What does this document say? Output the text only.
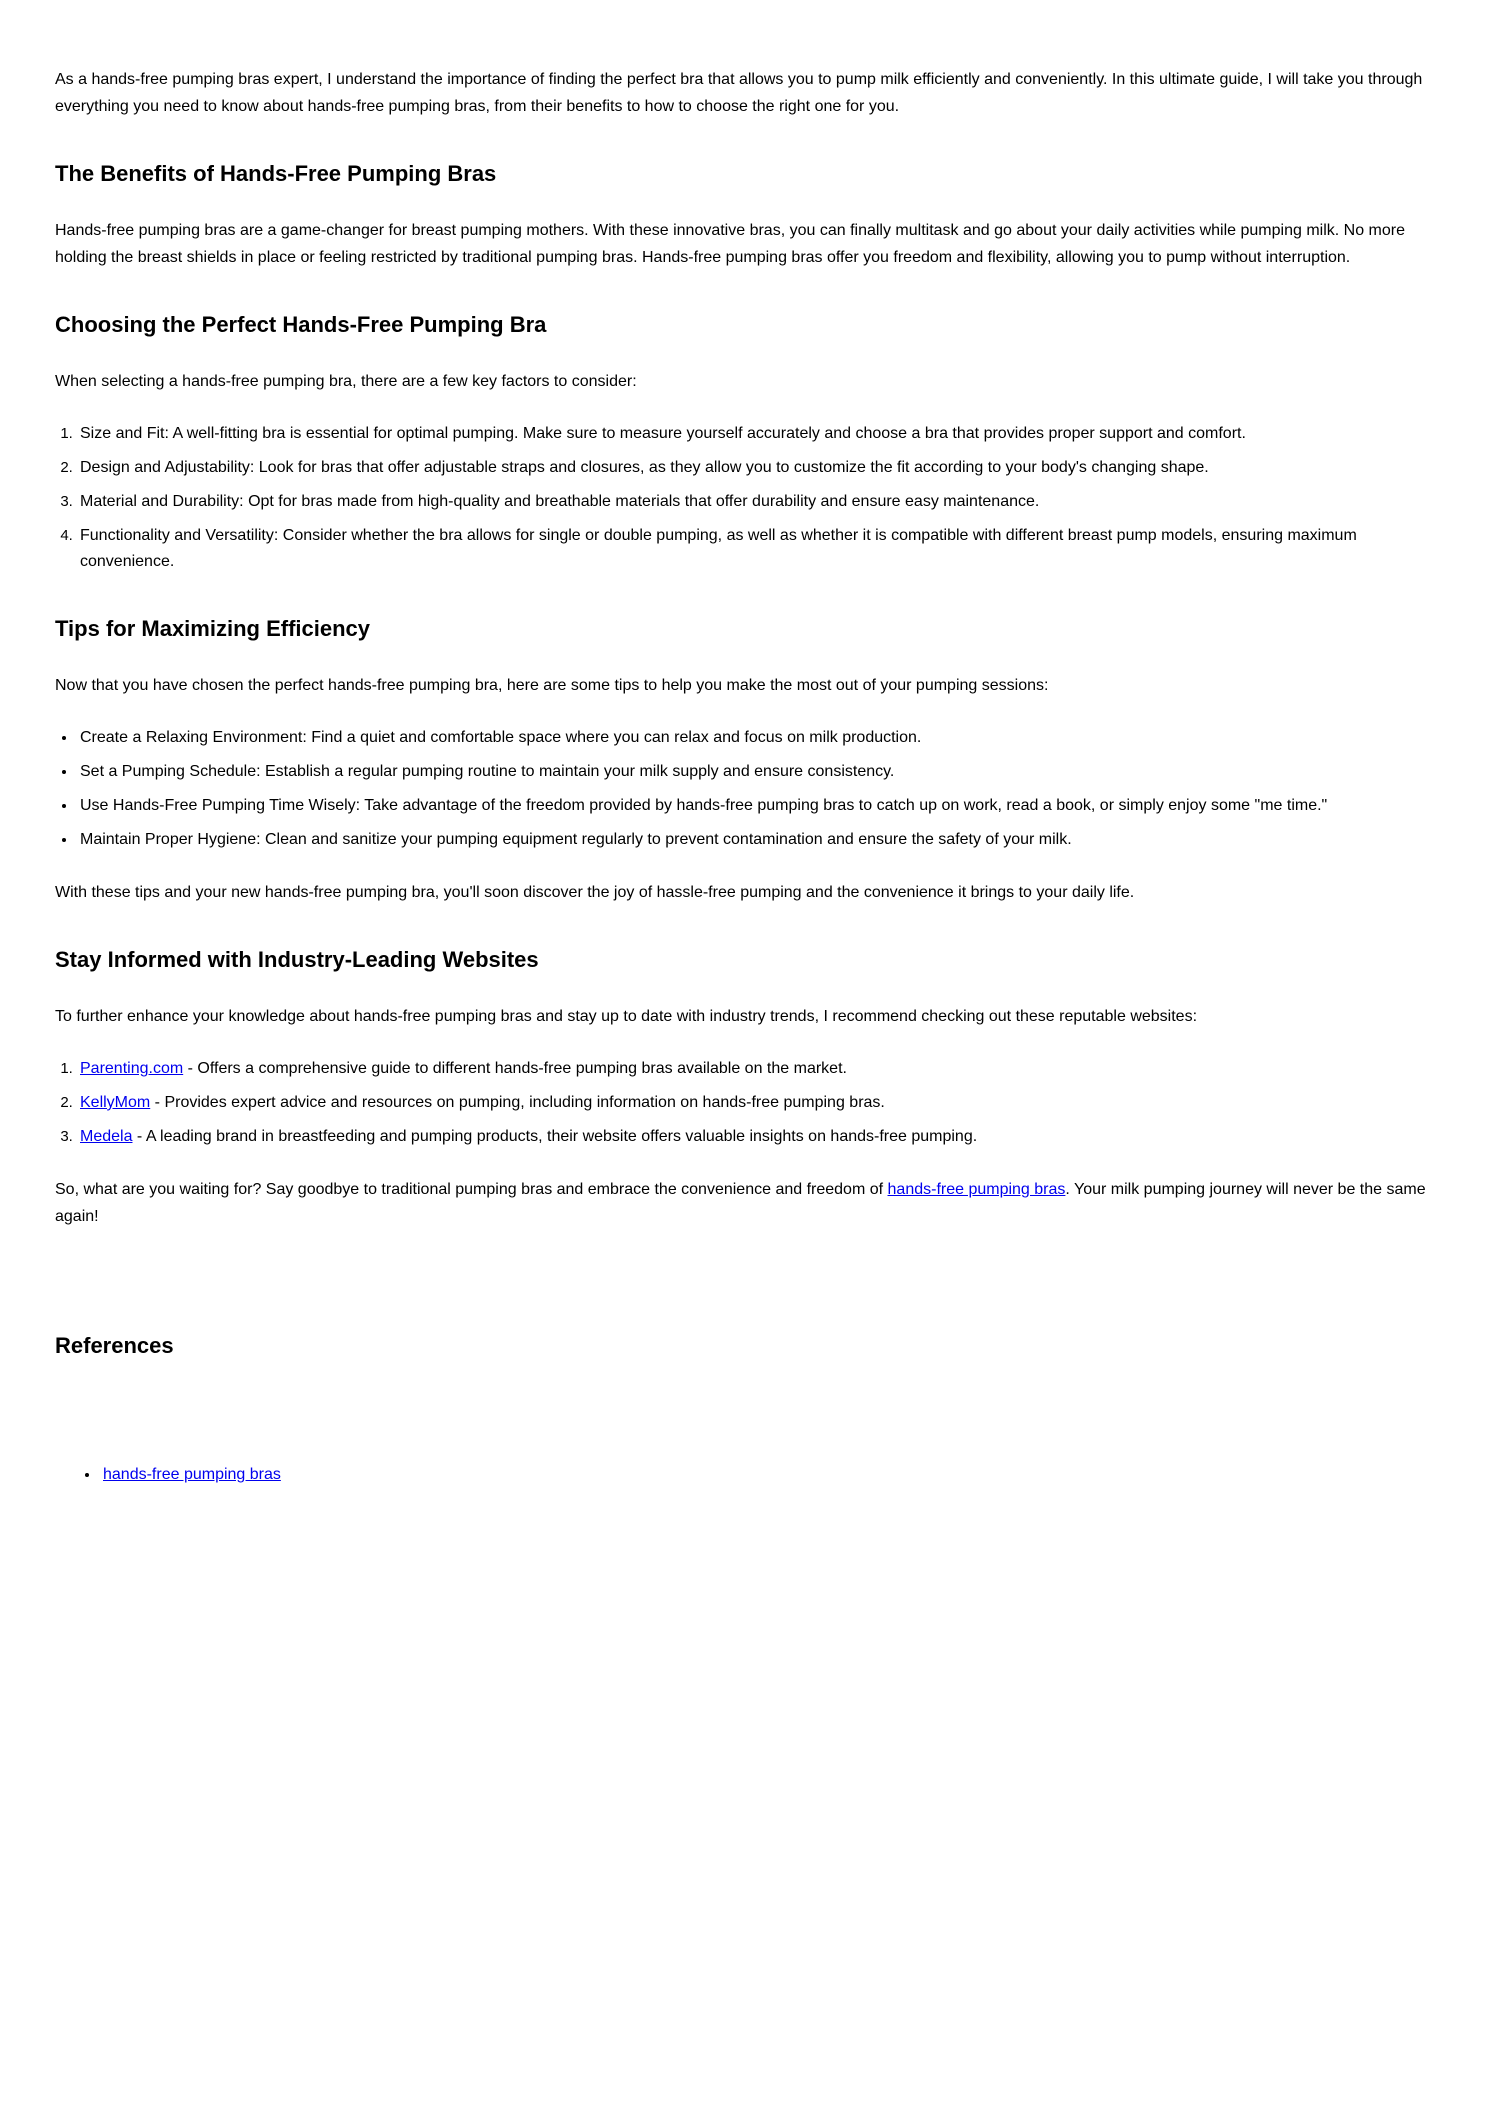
As a hands-free pumping bras expert, I understand the importance of finding the perfect bra that allows you to pump milk efficiently and conveniently. In this ultimate guide, I will take you through everything you need to know about hands-free pumping bras, from their benefits to how to choose the right one for you.

The Benefits of Hands-Free Pumping Bras

Hands-free pumping bras are a game-changer for breast pumping mothers. With these innovative bras, you can finally multitask and go about your daily activities while pumping milk. No more holding the breast shields in place or feeling restricted by traditional pumping bras. Hands-free pumping bras offer you freedom and flexibility, allowing you to pump without interruption.

Choosing the Perfect Hands-Free Pumping Bra

When selecting a hands-free pumping bra, there are a few key factors to consider:

1. Size and Fit: A well-fitting bra is essential for optimal pumping. Make sure to measure yourself accurately and choose a bra that provides proper support and comfort.
2. Design and Adjustability: Look for bras that offer adjustable straps and closures, as they allow you to customize the fit according to your body's changing shape.
3. Material and Durability: Opt for bras made from high-quality and breathable materials that offer durability and ensure easy maintenance.
4. Functionality and Versatility: Consider whether the bra allows for single or double pumping, as well as whether it is compatible with different breast pump models, ensuring maximum convenience.
Tips for Maximizing Efficiency

Now that you have chosen the perfect hands-free pumping bra, here are some tips to help you make the most out of your pumping sessions:

• Create a Relaxing Environment: Find a quiet and comfortable space where you can relax and focus on milk production.
• Set a Pumping Schedule: Establish a regular pumping routine to maintain your milk supply and ensure consistency.
• Use Hands-Free Pumping Time Wisely: Take advantage of the freedom provided by hands-free pumping bras to catch up on work, read a book, or simply enjoy some "me time."
• Maintain Proper Hygiene: Clean and sanitize your pumping equipment regularly to prevent contamination and ensure the safety of your milk.

With these tips and your new hands-free pumping bra, you'll soon discover the joy of hassle-free pumping and the convenience it brings to your daily life.

Stay Informed with Industry-Leading Websites

To further enhance your knowledge about hands-free pumping bras and stay up to date with industry trends, I recommend checking out these reputable websites:

1. Parenting.com - Offers a comprehensive guide to different hands-free pumping bras available on the market.
2. KellyMom - Provides expert advice and resources on pumping, including information on hands-free pumping bras.
3. Medela - A leading brand in breastfeeding and pumping products, their website offers valuable insights on hands-free pumping.

So, what are you waiting for? Say goodbye to traditional pumping bras and embrace the convenience and freedom of hands-free pumping bras. Your milk pumping journey will never be the same again!

References
• hands-free pumping bras
